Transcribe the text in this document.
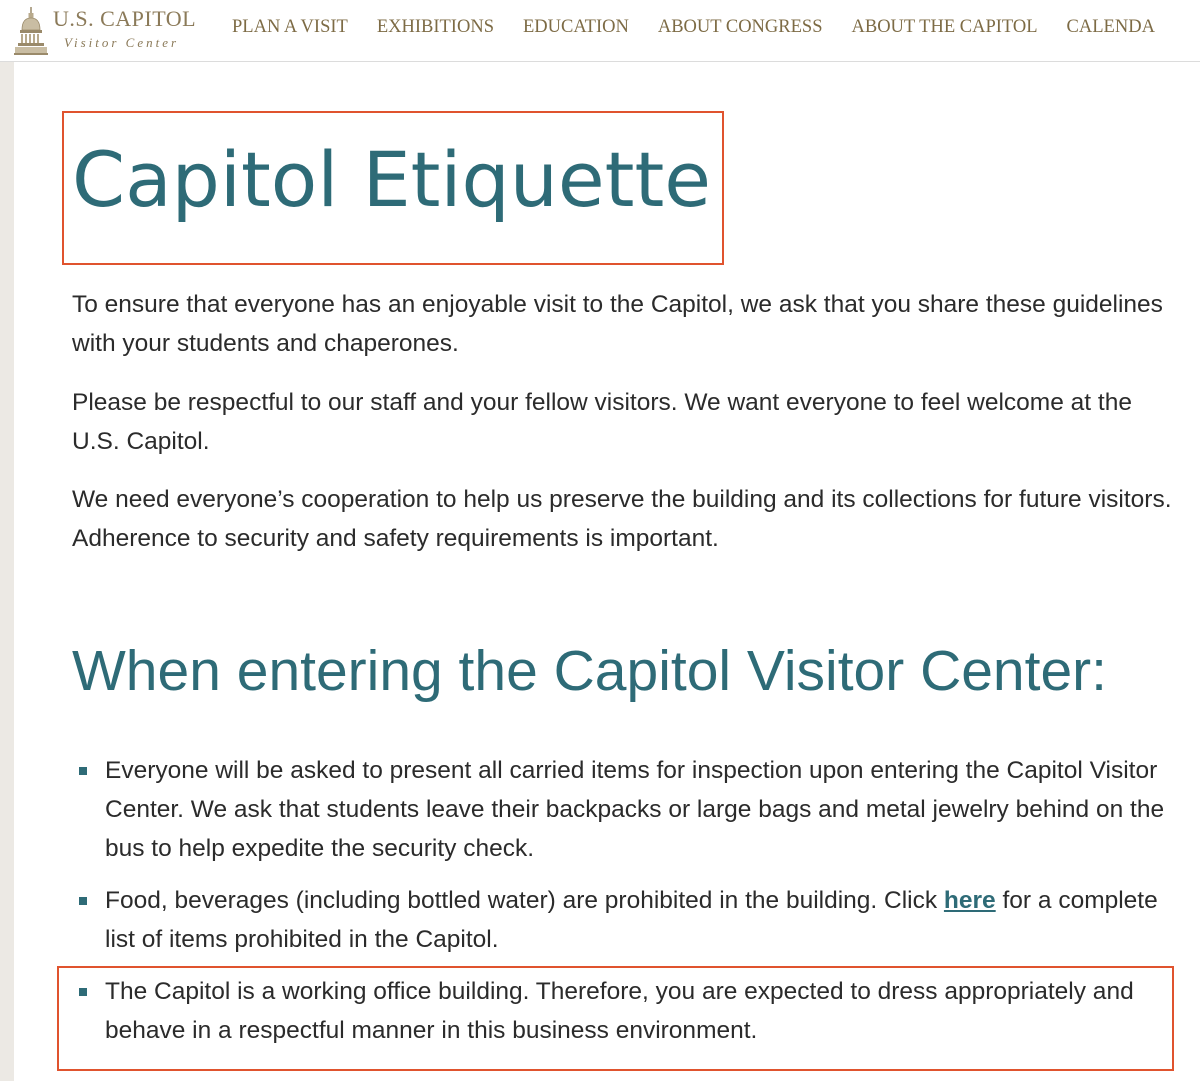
U.S. CAPITOL
Visitor Center
PLAN A VISIT EXHIBITIONS EDUCATION ABOUT CONGRESS ABOUT THE CAPITOL CALENDA
Capitol Etiquette

To ensure that everyone has an enjoyable visit to the Capitol, we ask that you share these guidelines with your students and chaperones.

Please be respectful to our staff and your fellow visitors. We want everyone to feel welcome at the U.S. Capitol.

We need everyone’s cooperation to help us preserve the building and its collections for future visitors. Adherence to security and safety requirements is important.

When entering the Capitol Visitor Center:
Everyone will be asked to present all carried items for inspection upon entering the Capitol Visitor Center. We ask that students leave their backpacks or large bags and metal jewelry behind on the bus to help expedite the security check.
Food, beverages (including bottled water) are prohibited in the building. Click here for a complete list of items prohibited in the Capitol.
The Capitol is a working office building. Therefore, you are expected to dress appropriately and behave in a respectful manner in this business environment.
